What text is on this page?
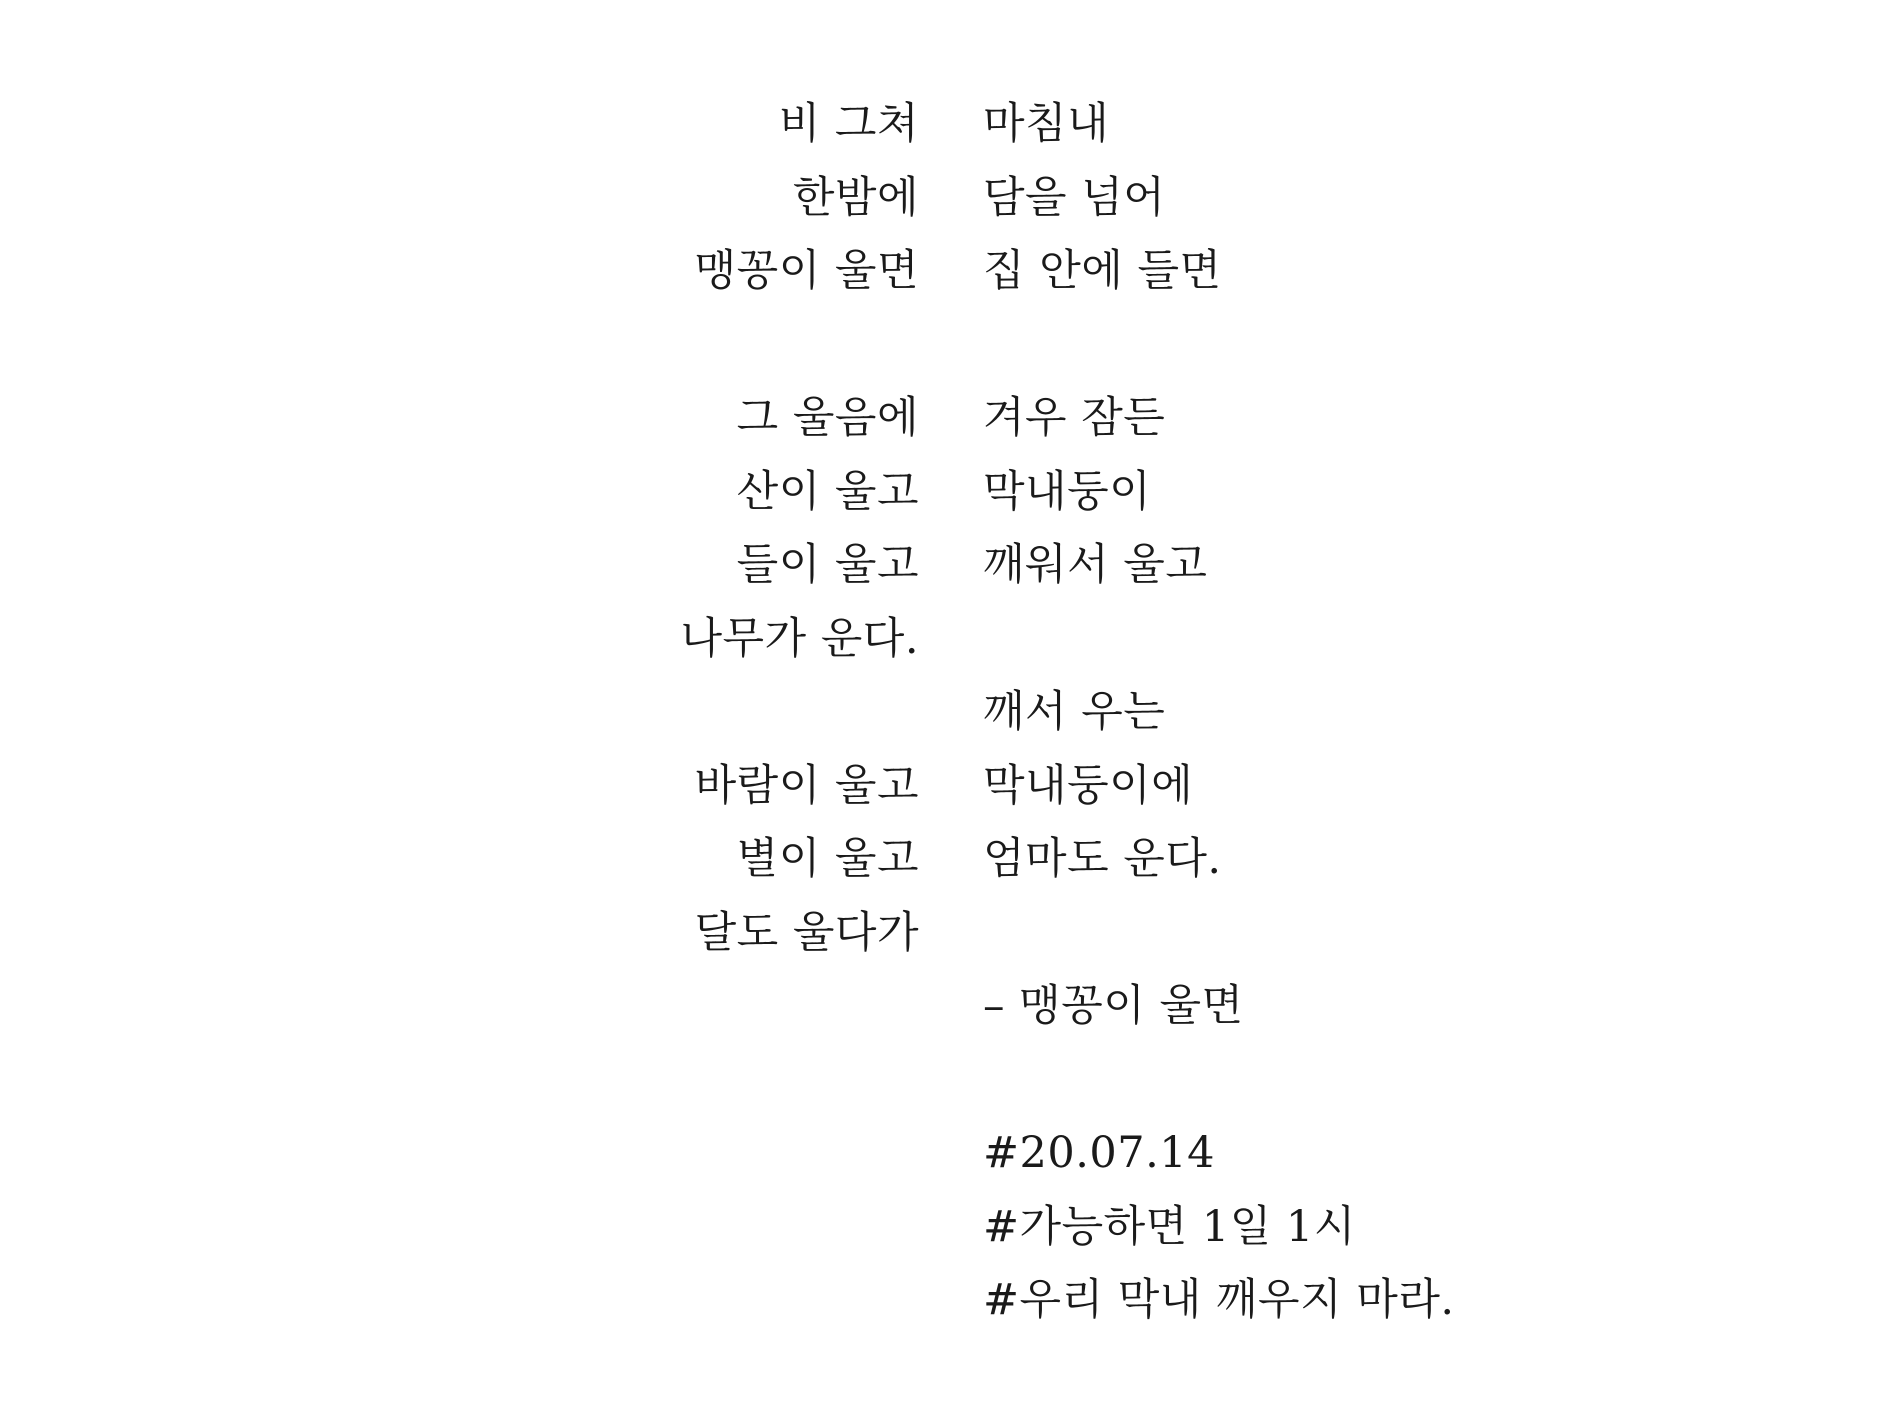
비 그쳐
한밤에
맹꽁이 울면
그 울음에
산이 울고
들이 울고
나무가 운다.
바람이 울고
별이 울고
달도 울다가
마침내
담을 넘어
집 안에 들면
겨우 잠든
막내둥이
깨워서 울고
깨서 우는
막내둥이에
엄마도 운다.
– 맹꽁이 울면
#20.07.14
#가능하면 1일 1시
#우리 막내 깨우지 마라.
